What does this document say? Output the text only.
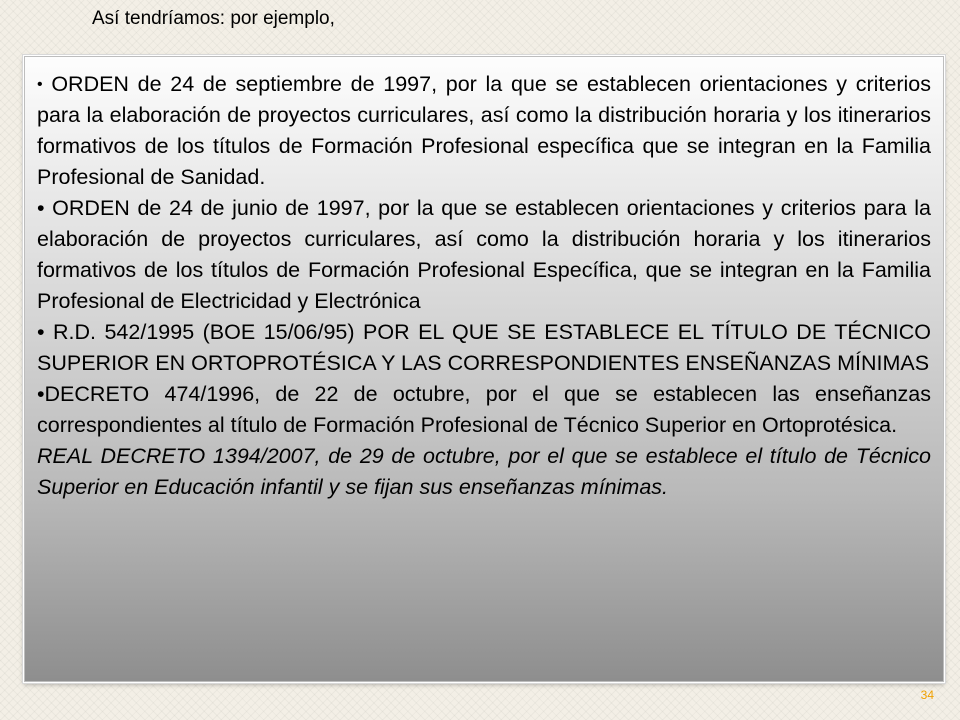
Así tendríamos: por ejemplo,

• ORDEN de 24 de septiembre de 1997, por la que se establecen orientaciones y criterios para la elaboración de proyectos curriculares, así como la distribución horaria y los itinerarios formativos de los títulos de Formación Profesional específica que se integran en la Familia Profesional de Sanidad.

• ORDEN de 24 de junio de 1997, por la que se establecen orientaciones y criterios para la elaboración de proyectos curriculares, así como la distribución horaria y los itinerarios formativos de los títulos de Formación Profesional Específica, que se integran en la Familia Profesional de Electricidad y Electrónica

• R.D. 542/1995 (BOE 15/06/95) POR EL QUE SE ESTABLECE EL TÍTULO DE TÉCNICO SUPERIOR EN ORTOPROTÉSICA Y LAS CORRESPONDIENTES ENSEÑANZAS MÍNIMAS

•DECRETO 474/1996, de 22 de octubre, por el que se establecen las enseñanzas correspondientes al título de Formación Profesional de Técnico Superior en Ortoprotésica.

REAL DECRETO 1394/2007, de 29 de octubre, por el que se establece el título de Técnico Superior en Educación infantil y se fijan sus enseñanzas mínimas.

34
